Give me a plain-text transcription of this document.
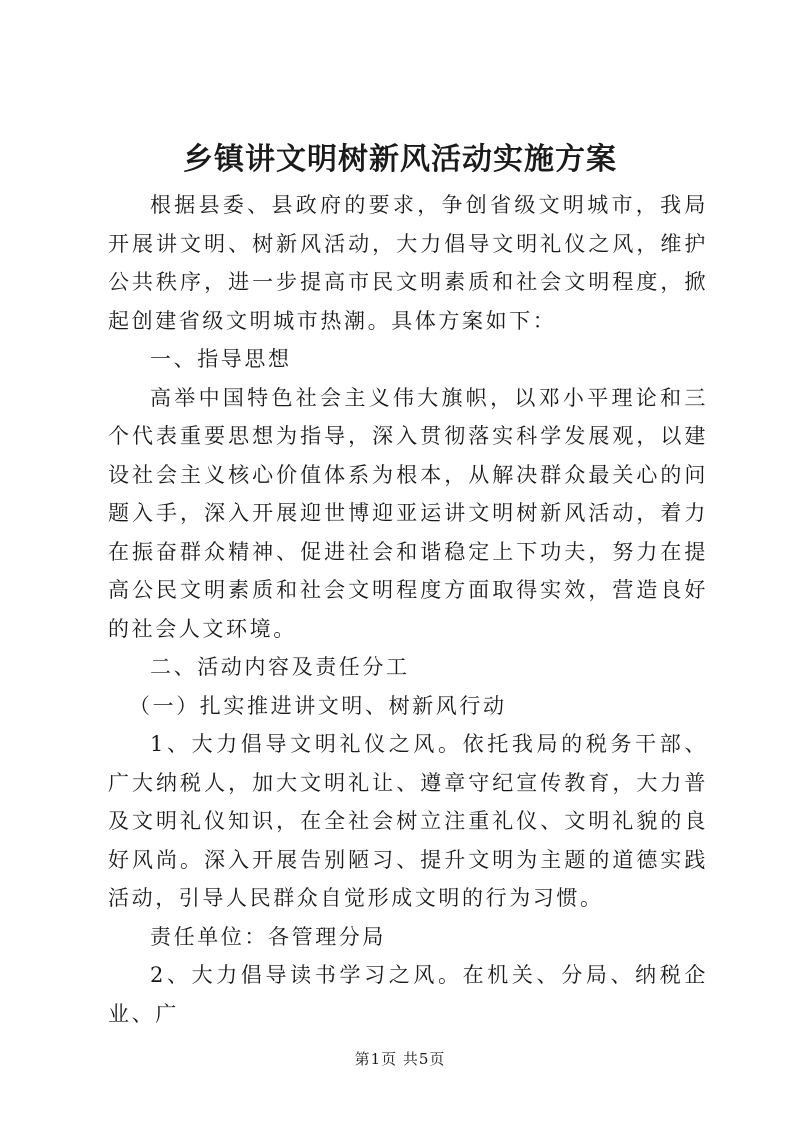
乡镇讲文明树新风活动实施方案

根据县委、县政府的要求，争创省级文明城市，我局开展讲文明、树新风活动，大力倡导文明礼仪之风，维护公共秩序，进一步提高市民文明素质和社会文明程度，掀起创建省级文明城市热潮。具体方案如下：

一、指导思想

高举中国特色社会主义伟大旗帜，以邓小平理论和三个代表重要思想为指导，深入贯彻落实科学发展观，以建设社会主义核心价值体系为根本，从解决群众最关心的问题入手，深入开展迎世博迎亚运讲文明树新风活动，着力在振奋群众精神、促进社会和谐稳定上下功夫，努力在提高公民文明素质和社会文明程度方面取得实效，营造良好的社会人文环境。

二、活动内容及责任分工

（一）扎实推进讲文明、树新风行动

1、大力倡导文明礼仪之风。依托我局的税务干部、广大纳税人，加大文明礼让、遵章守纪宣传教育，大力普及文明礼仪知识，在全社会树立注重礼仪、文明礼貌的良好风尚。深入开展告别陋习、提升文明为主题的道德实践活动，引导人民群众自觉形成文明的行为习惯。

责任单位：各管理分局

2、大力倡导读书学习之风。在机关、分局、纳税企业、广

第1页 共5页
